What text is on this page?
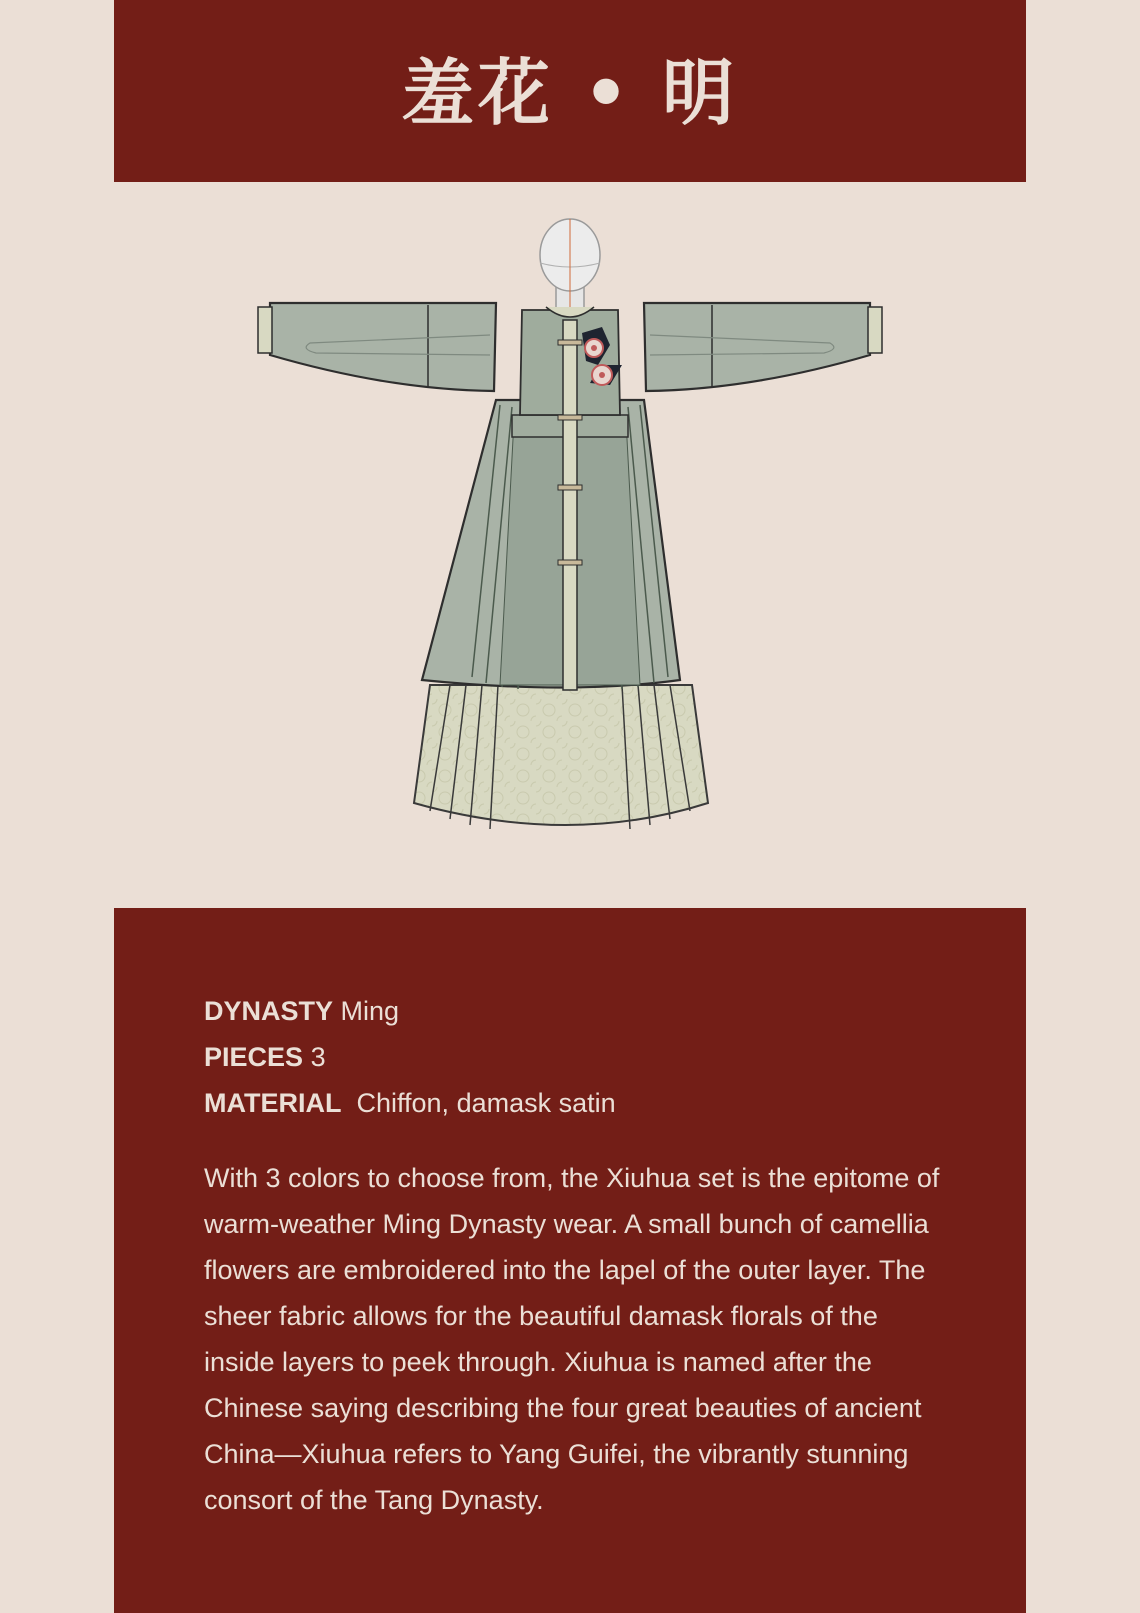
羞花 • 明
DYNASTY Ming
PIECES 3
MATERIAL Chiffon, damask satin
With 3 colors to choose from, the Xiuhua set is the epitome of warm-weather Ming Dynasty wear. A small bunch of camellia flowers are embroidered into the lapel of the outer layer. The sheer fabric allows for the beautiful damask florals of the inside layers to peek through. Xiuhua is named after the Chinese saying describing the four great beauties of ancient China—Xiuhua refers to Yang Guifei, the vibrantly stunning consort of the Tang Dynasty.
